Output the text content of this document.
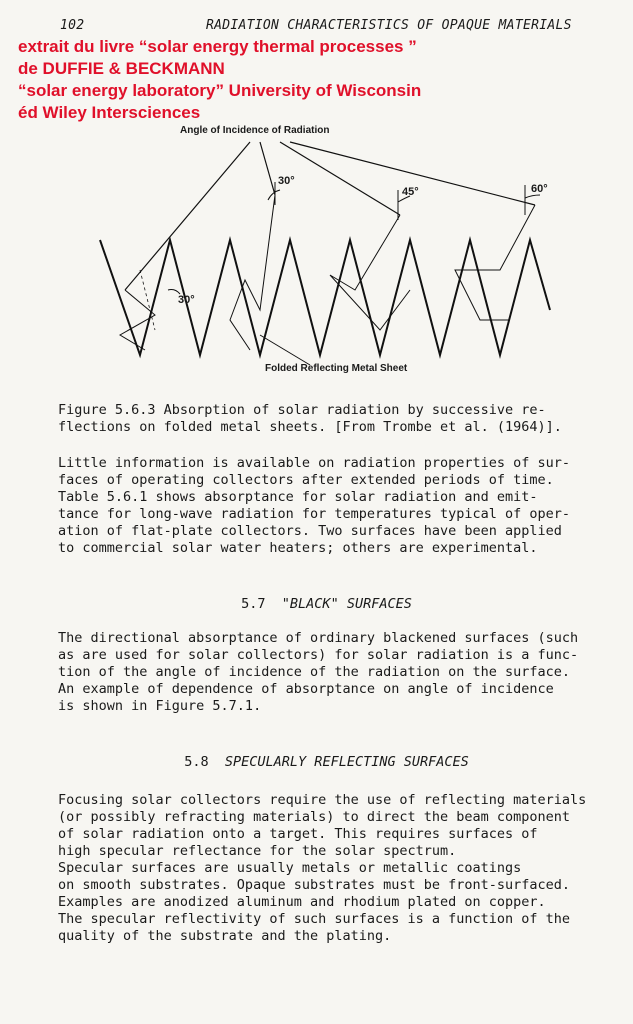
102	RADIATION CHARACTERISTICS OF OPAQUE MATERIALS
extrait du livre “solar energy thermal processes ”
de DUFFIE & BECKMANN
“solar energy laboratory” University of Wisconsin
éd Wiley Intersciences
Angle of Incidence of Radiation
Folded Reflecting Metal Sheet
30°
45°	60°
30°
Figure 5.6.3 Absorption of solar radiation by successive re-
flections on folded metal sheets. [From Trombe et al. (1964)].
Little information is available on radiation properties of sur-
faces of operating collectors after extended periods of time.
Table 5.6.1 shows absorptance for solar radiation and emit-
tance for long-wave radiation for temperatures typical of oper-
ation of flat-plate collectors. Two surfaces have been applied
to commercial solar water heaters; others are experimental.
5.7 "BLACK" SURFACES
The directional absorptance of ordinary blackened surfaces (such
as are used for solar collectors) for solar radiation is a func-
tion of the angle of incidence of the radiation on the surface.
An example of dependence of absorptance on angle of incidence
is shown in Figure 5.7.1.
5.8 SPECULARLY REFLECTING SURFACES
Focusing solar collectors require the use of reflecting materials
(or possibly refracting materials) to direct the beam component
of solar radiation onto a target. This requires surfaces of
high specular reflectance for the solar spectrum.
Specular surfaces are usually metals or metallic coatings
on smooth substrates. Opaque substrates must be front-surfaced.
Examples are anodized aluminum and rhodium plated on copper.
The specular reflectivity of such surfaces is a function of the
quality of the substrate and the plating.
